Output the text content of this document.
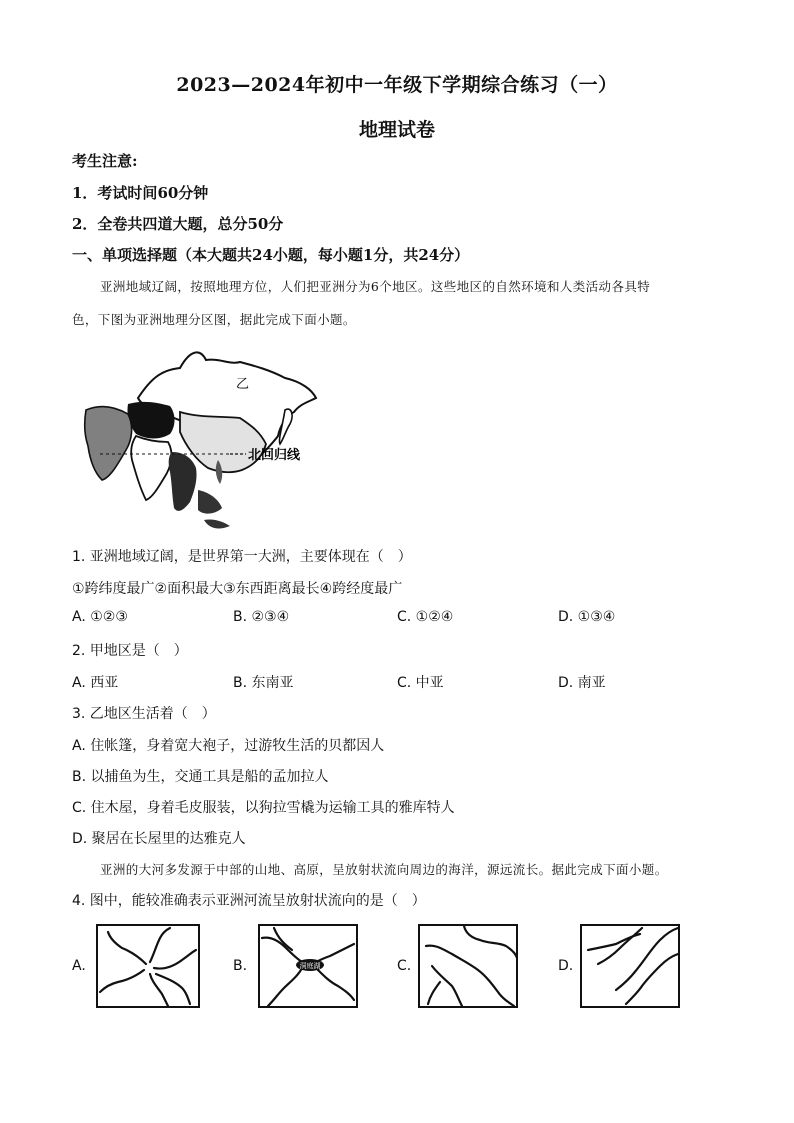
2023—2024年初中一年级下学期综合练习（一）
地理试卷
考生注意:
1．考试时间60分钟
2．全卷共四道大题，总分50分
一、单项选择题（本大题共24小题，每小题1分，共24分）
亚洲地域辽阔，按照地理方位，人们把亚洲分为6个地区。这些地区的自然环境和人类活动各具特
色，下图为亚洲地理分区图，据此完成下面小题。
乙
北回归线
1. 亚洲地域辽阔，是世界第一大洲，主要体现在（　）
①跨纬度最广②面积最大③东西距离最长④跨经度最广
A. ①②③	B. ②③④	C. ①②④	D. ①③④
2. 甲地区是（　）
A. 西亚	B. 东南亚	C. 中亚	D. 南亚
3. 乙地区生活着（　）
A. 住帐篷，身着宽大袍子，过游牧生活的贝都因人
B. 以捕鱼为生，交通工具是船的孟加拉人
C. 住木屋，身着毛皮服装，以狗拉雪橇为运输工具的雅库特人
D. 聚居在长屋里的达雅克人
亚洲的大河多发源于中部的山地、高原，呈放射状流向周边的海洋，源远流长。据此完成下面小题。
4. 图中，能较准确表示亚洲河流呈放射状流向的是（　）
A.	B.	C.	D.
洞庭湖
